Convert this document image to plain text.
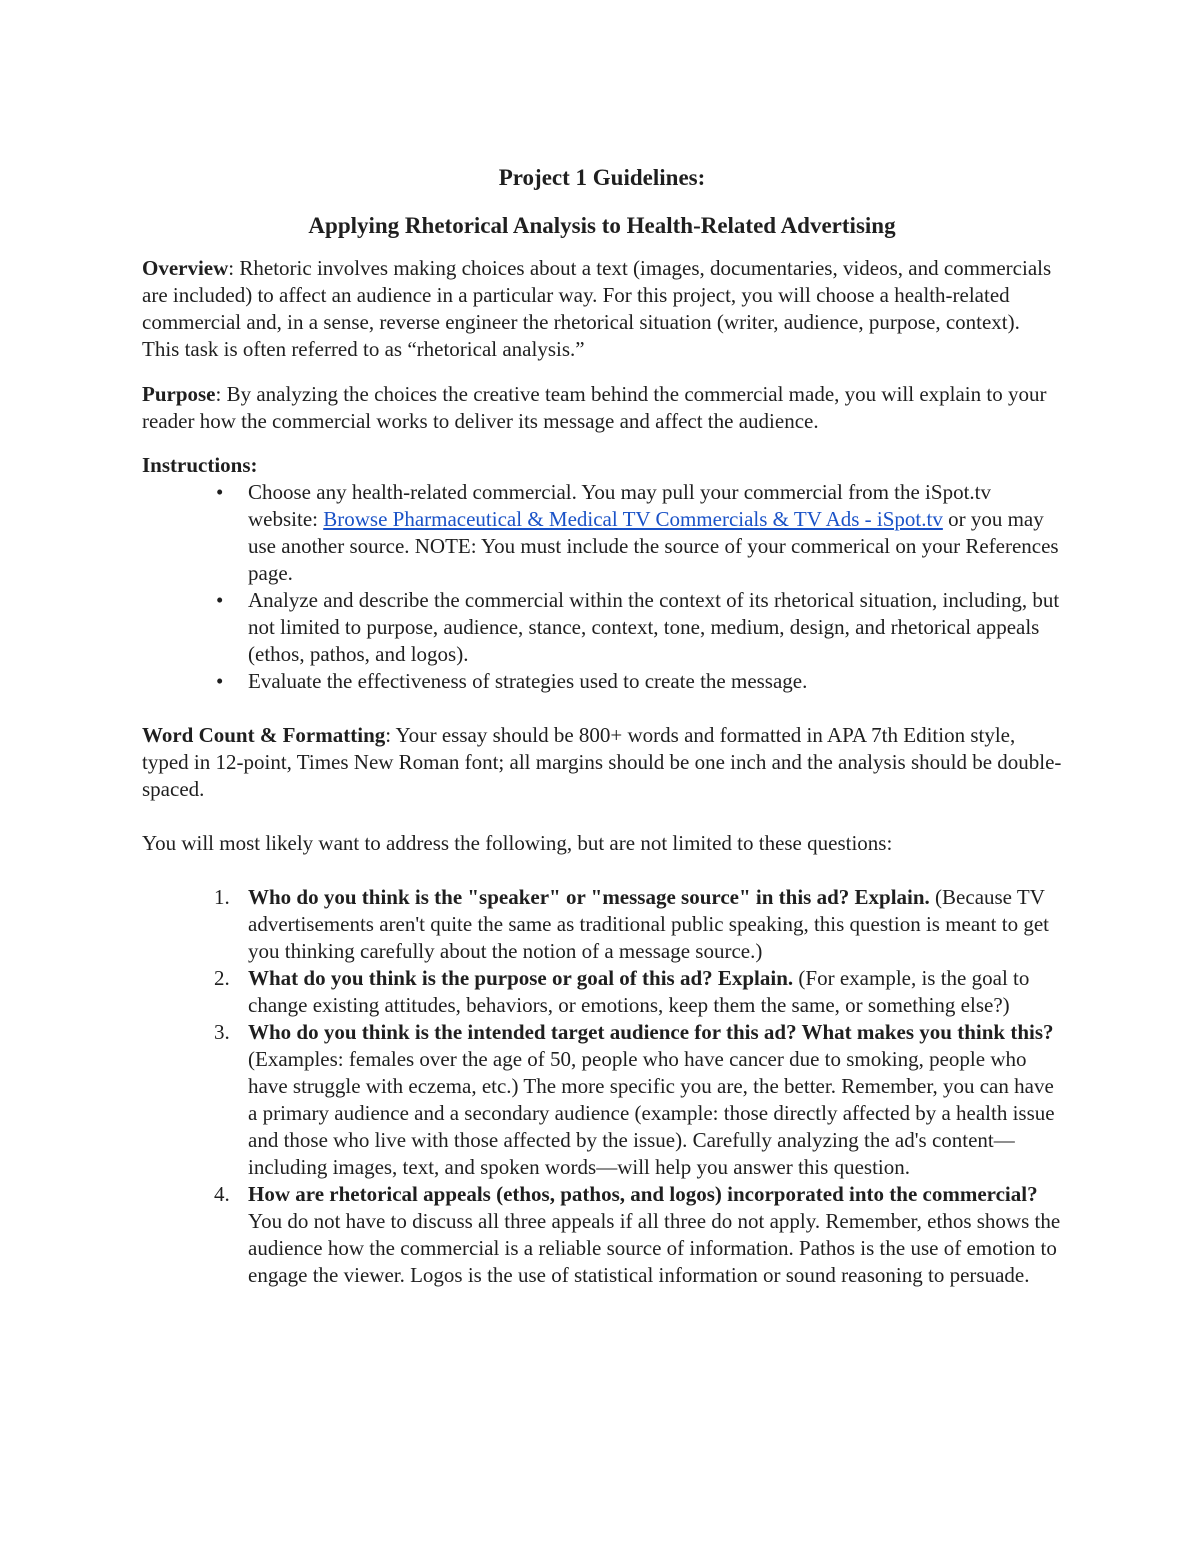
Project 1 Guidelines:

Applying Rhetorical Analysis to Health-Related Advertising

Overview: Rhetoric involves making choices about a text (images, documentaries, videos, and commercials are included) to affect an audience in a particular way. For this project, you will choose a health-related commercial and, in a sense, reverse engineer the rhetorical situation (writer, audience, purpose, context). This task is often referred to as “rhetorical analysis.”

Purpose: By analyzing the choices the creative team behind the commercial made, you will explain to your reader how the commercial works to deliver its message and affect the audience.

Instructions:

• Choose any health-related commercial. You may pull your commercial from the iSpot.tv website: Browse Pharmaceutical & Medical TV Commercials & TV Ads - iSpot.tv or you may use another source. NOTE: You must include the source of your commerical on your References page.
• Analyze and describe the commercial within the context of its rhetorical situation, including, but not limited to purpose, audience, stance, context, tone, medium, design, and rhetorical appeals (ethos, pathos, and logos).
• Evaluate the effectiveness of strategies used to create the message.

Word Count & Formatting: Your essay should be 800+ words and formatted in APA 7th Edition style, typed in 12-point, Times New Roman font; all margins should be one inch and the analysis should be double-spaced.

You will most likely want to address the following, but are not limited to these questions:

1. Who do you think is the "speaker" or "message source" in this ad? Explain. (Because TV advertisements aren't quite the same as traditional public speaking, this question is meant to get you thinking carefully about the notion of a message source.)
2. What do you think is the purpose or goal of this ad? Explain. (For example, is the goal to change existing attitudes, behaviors, or emotions, keep them the same, or something else?)
3. Who do you think is the intended target audience for this ad? What makes you think this? (Examples: females over the age of 50, people who have cancer due to smoking, people who have struggle with eczema, etc.) The more specific you are, the better. Remember, you can have a primary audience and a secondary audience (example: those directly affected by a health issue and those who live with those affected by the issue). Carefully analyzing the ad's content—including images, text, and spoken words—will help you answer this question.
4. How are rhetorical appeals (ethos, pathos, and logos) incorporated into the commercial? You do not have to discuss all three appeals if all three do not apply. Remember, ethos shows the audience how the commercial is a reliable source of information. Pathos is the use of emotion to engage the viewer. Logos is the use of statistical information or sound reasoning to persuade.
